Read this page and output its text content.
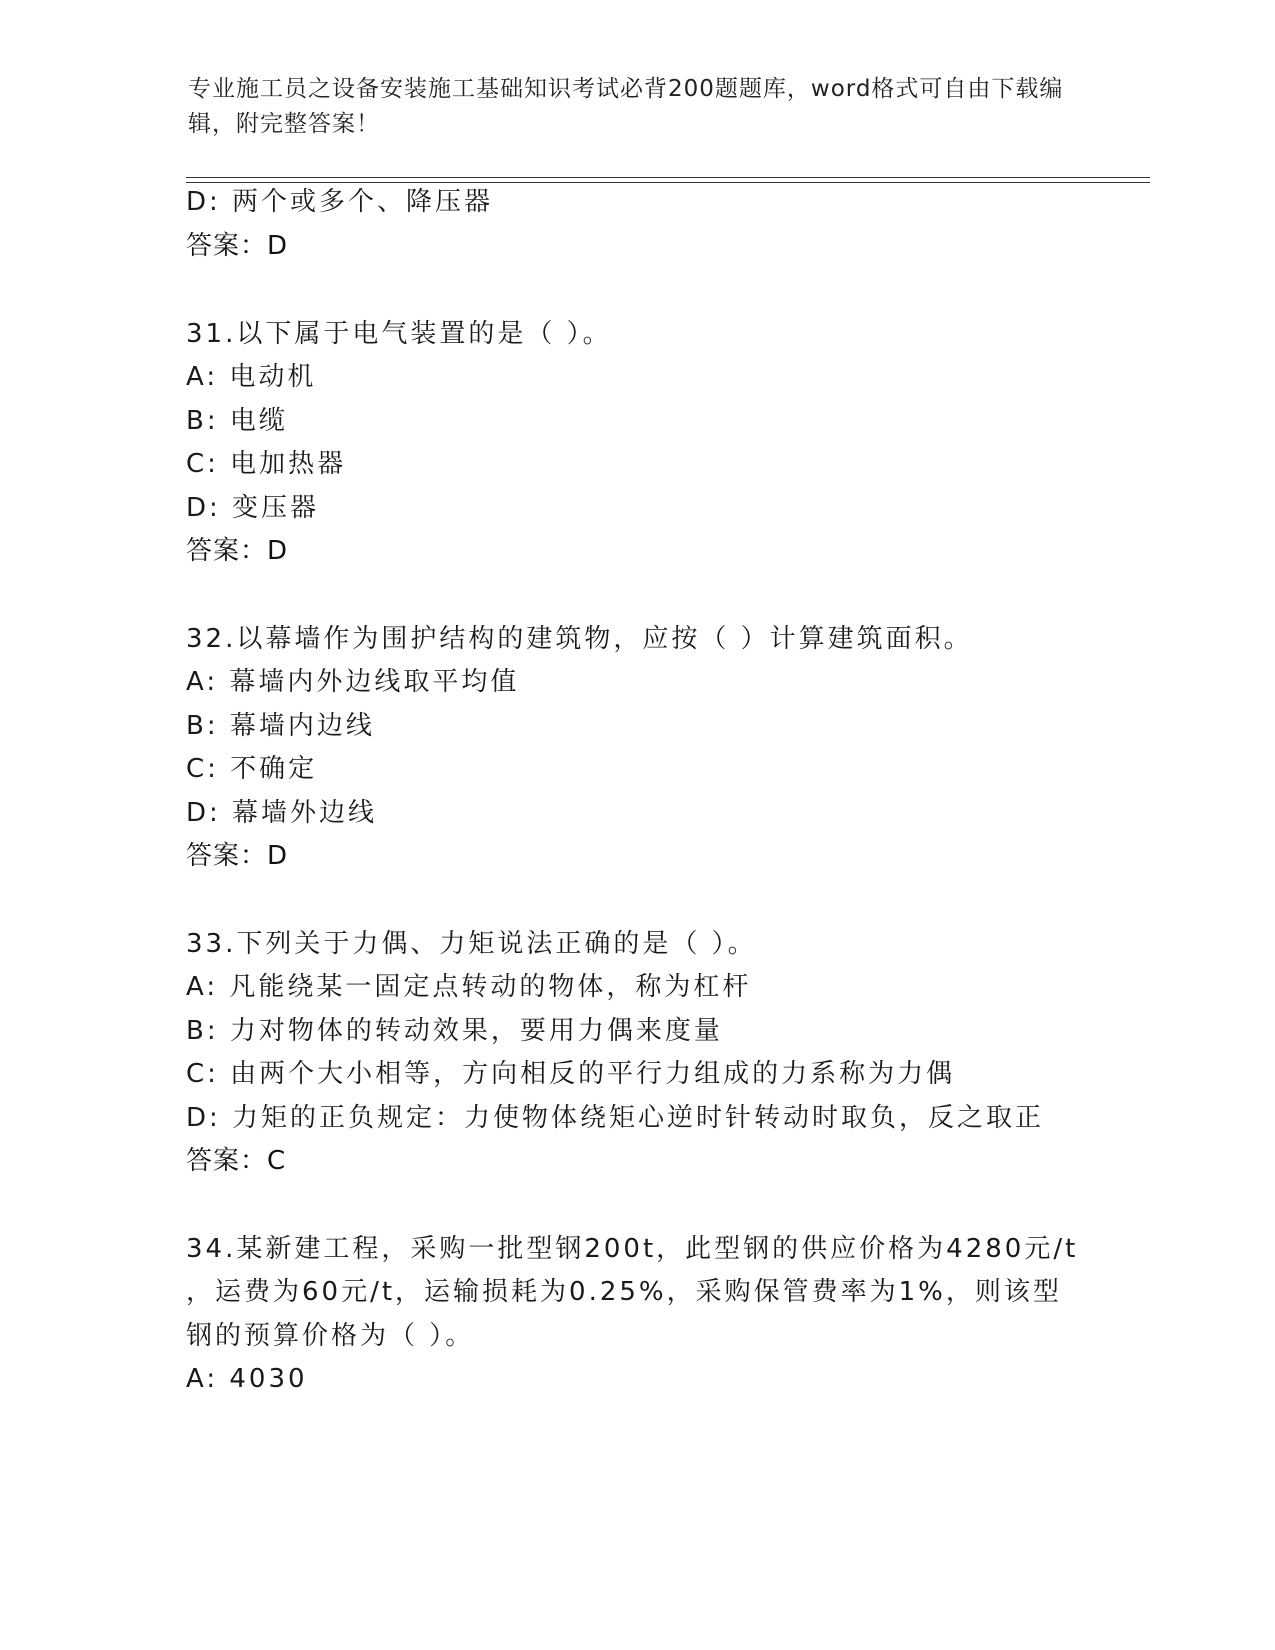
专业施工员之设备安装施工基础知识考试必背200题题库，word格式可自由下载编辑，附完整答案！
D: 两个或多个、降压器
答案：D
31.以下属于电气装置的是（ ）。
A: 电动机
B: 电缆
C: 电加热器
D: 变压器
答案：D
32.以幕墙作为围护结构的建筑物，应按（ ）计算建筑面积。
A: 幕墙内外边线取平均值
B: 幕墙内边线
C: 不确定
D: 幕墙外边线
答案：D
33.下列关于力偶、力矩说法正确的是（ ）。
A: 凡能绕某一固定点转动的物体，称为杠杆
B: 力对物体的转动效果，要用力偶来度量
C: 由两个大小相等，方向相反的平行力组成的力系称为力偶
D: 力矩的正负规定：力使物体绕矩心逆时针转动时取负，反之取正
答案：C
34.某新建工程，采购一批型钢200t，此型钢的供应价格为4280元/t
，运费为60元/t，运输损耗为0.25%，采购保管费率为1%，则该型
钢的预算价格为（ ）。
A: 4030
